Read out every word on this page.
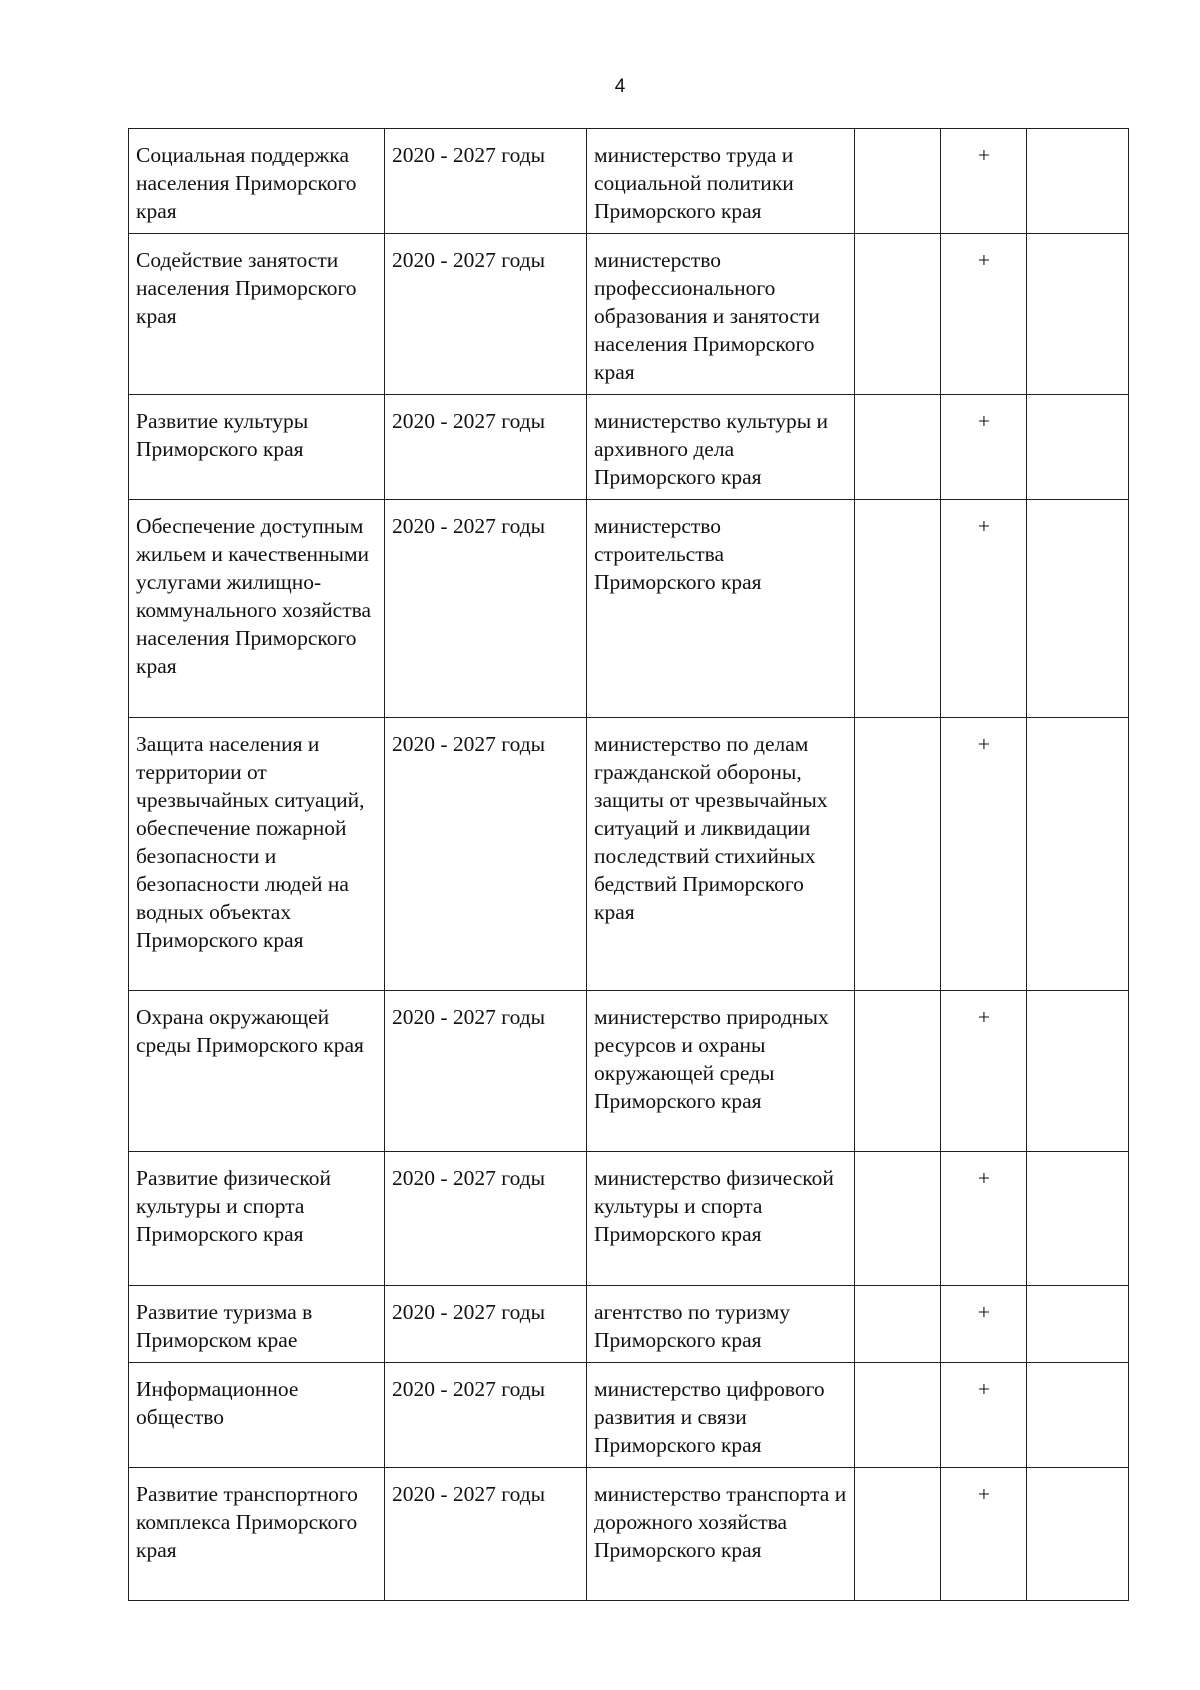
4
Социальная поддержка населения Приморского края	2020 - 2027 годы	министерство труда и социальной политики Приморского края		+	
Содействие занятости населения Приморского края	2020 - 2027 годы	министерство профессионального образования и занятости населения Приморского края		+	
Развитие культуры Приморского края	2020 - 2027 годы	министерство культуры и архивного дела Приморского края		+	
Обеспечение доступным жильем и качественными услугами жилищно-коммунального хозяйства населения Приморского края	2020 - 2027 годы	министерство строительства Приморского края		+	
Защита населения и территории от чрезвычайных ситуаций, обеспечение пожарной безопасности и безопасности людей на водных объектах Приморского края	2020 - 2027 годы	министерство по делам гражданской обороны, защиты от чрезвычайных ситуаций и ликвидации последствий стихийных бедствий Приморского края		+	
Охрана окружающей среды Приморского края	2020 - 2027 годы	министерство природных ресурсов и охраны окружающей среды Приморского края		+	
Развитие физической культуры и спорта Приморского края	2020 - 2027 годы	министерство физической культуры и спорта Приморского края		+	
Развитие туризма в Приморском крае	2020 - 2027 годы	агентство по туризму Приморского края		+	
Информационное общество	2020 - 2027 годы	министерство цифрового развития и связи Приморского края		+	
Развитие транспортного комплекса Приморского края	2020 - 2027 годы	министерство транспорта и дорожного хозяйства Приморского края		+	
